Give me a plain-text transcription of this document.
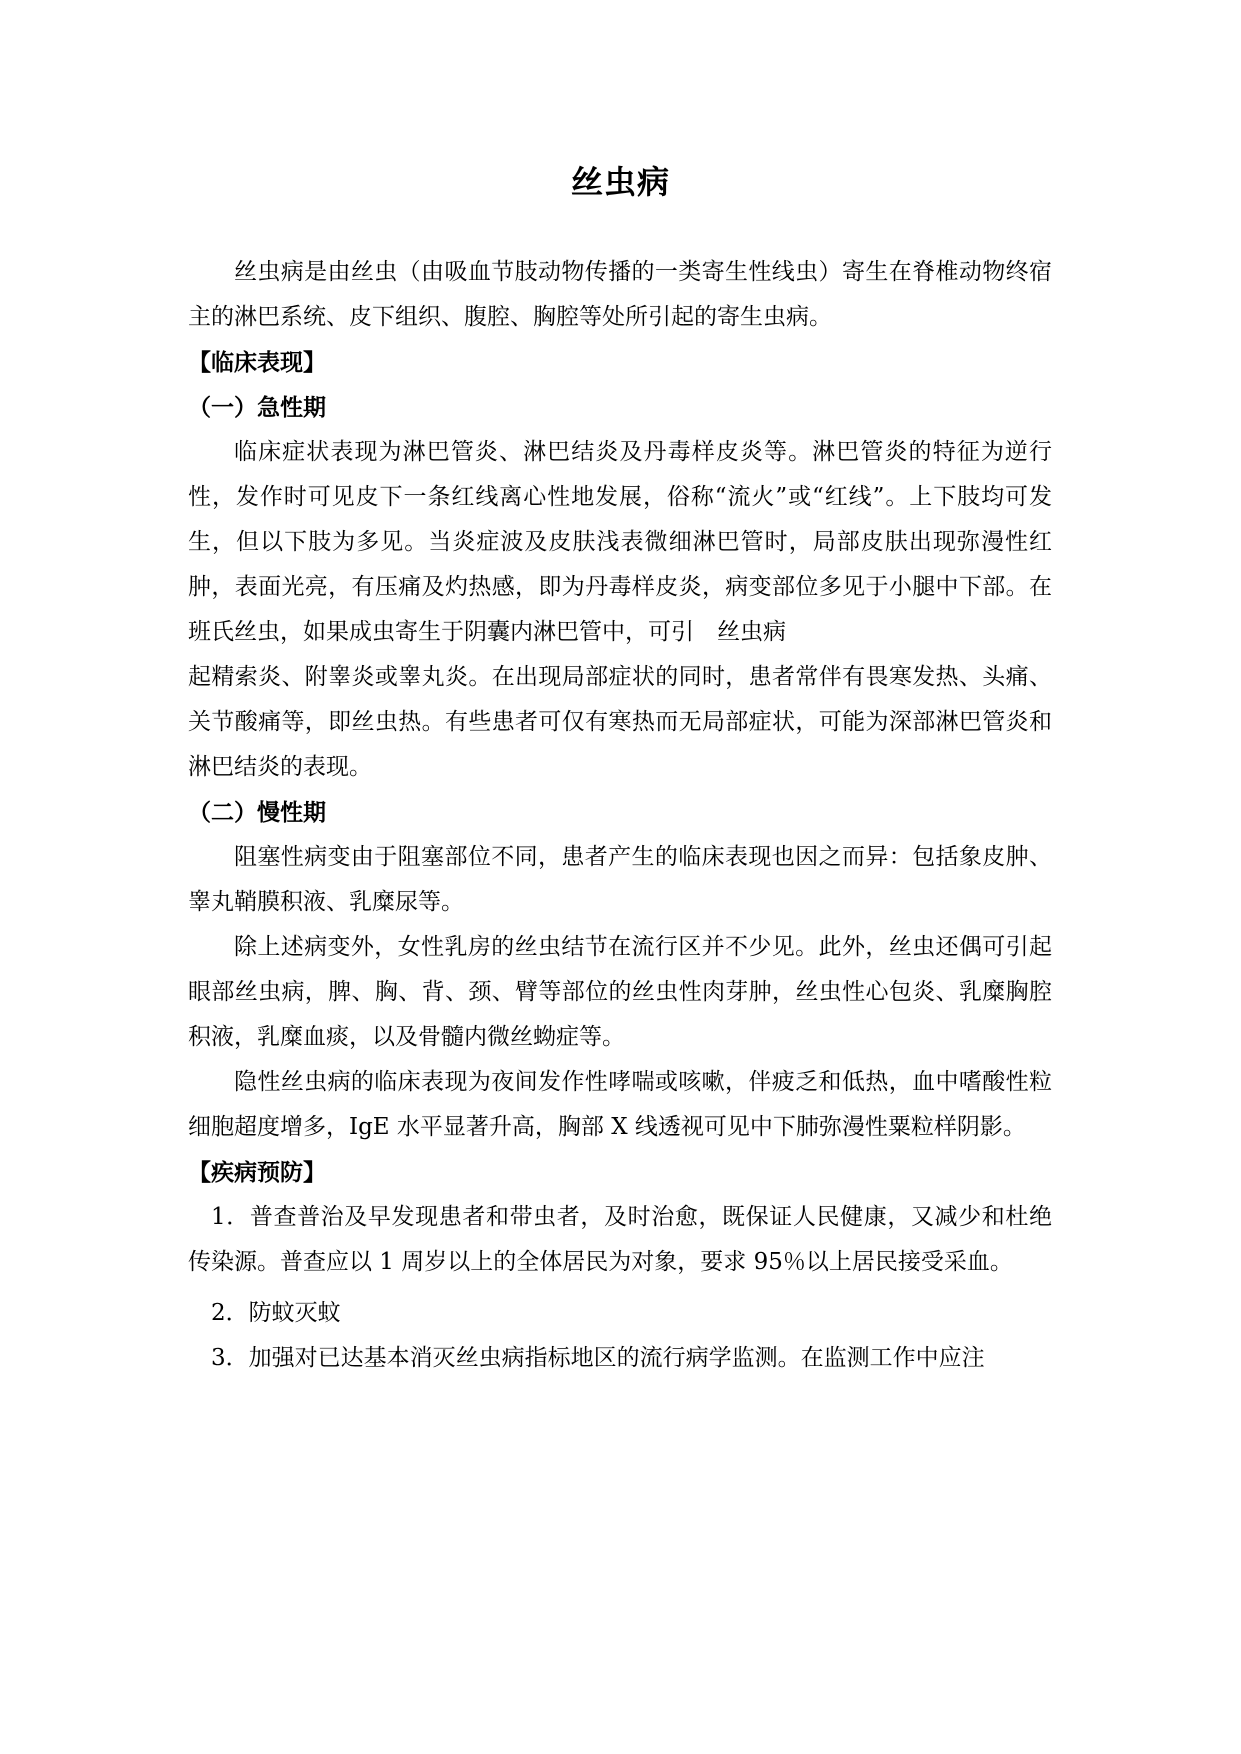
丝虫病

丝虫病是由丝虫（由吸血节肢动物传播的一类寄生性线虫）寄生在脊椎动物终宿主的淋巴系统、皮下组织、腹腔、胸腔等处所引起的寄生虫病。

【临床表现】

（一）急性期

临床症状表现为淋巴管炎、淋巴结炎及丹毒样皮炎等。淋巴管炎的特征为逆行性，发作时可见皮下一条红线离心性地发展，俗称“流火”或“红线”。上下肢均可发生，但以下肢为多见。当炎症波及皮肤浅表微细淋巴管时，局部皮肤出现弥漫性红肿，表面光亮，有压痛及灼热感，即为丹毒样皮炎，病变部位多见于小腿中下部。在班氏丝虫，如果成虫寄生于阴囊内淋巴管中，可引　丝虫病

起精索炎、附睾炎或睾丸炎。在出现局部症状的同时，患者常伴有畏寒发热、头痛、关节酸痛等，即丝虫热。有些患者可仅有寒热而无局部症状，可能为深部淋巴管炎和淋巴结炎的表现。

（二）慢性期

阻塞性病变由于阻塞部位不同，患者产生的临床表现也因之而异：包括象皮肿、睾丸鞘膜积液、乳糜尿等。

除上述病变外，女性乳房的丝虫结节在流行区并不少见。此外，丝虫还偶可引起眼部丝虫病，脾、胸、背、颈、臂等部位的丝虫性肉芽肿，丝虫性心包炎、乳糜胸腔积液，乳糜血痰，以及骨髓内微丝蚴症等。

隐性丝虫病的临床表现为夜间发作性哮喘或咳嗽，伴疲乏和低热，血中嗜酸性粒细胞超度增多，IgE 水平显著升高，胸部 X 线透视可见中下肺弥漫性粟粒样阴影。

【疾病预防】

1．普查普治及早发现患者和带虫者，及时治愈，既保证人民健康，又减少和杜绝传染源。普查应以 1 周岁以上的全体居民为对象，要求 95％以上居民接受采血。

2．防蚊灭蚊

3．加强对已达基本消灭丝虫病指标地区的流行病学监测。在监测工作中应注
